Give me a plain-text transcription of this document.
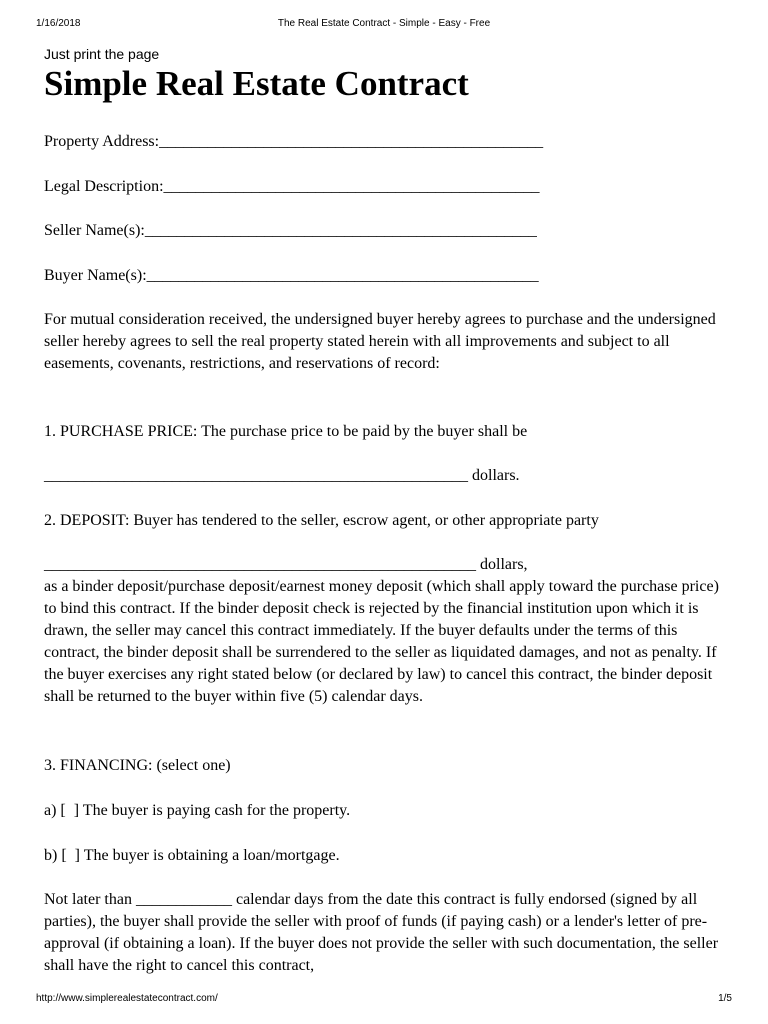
1/16/2018	The Real Estate Contract - Simple - Easy - Free
Just print the page
Simple Real Estate Contract
Property Address:________________________________________________
Legal Description:_______________________________________________
Seller Name(s):_________________________________________________
Buyer Name(s):_________________________________________________

For mutual consideration received, the undersigned buyer hereby agrees to purchase and the undersigned seller hereby agrees to sell the real property stated herein with all improvements and subject to all easements, covenants, restrictions, and reservations of record:

1. PURCHASE PRICE: The purchase price to be paid by the buyer shall be
_____________________________________________________ dollars.
2. DEPOSIT: Buyer has tendered to the seller, escrow agent, or other appropriate party
______________________________________________________ dollars,

as a binder deposit/purchase deposit/earnest money deposit (which shall apply toward the purchase price) to bind this contract. If the binder deposit check is rejected by the financial institution upon which it is drawn, the seller may cancel this contract immediately. If the buyer defaults under the terms of this contract, the binder deposit shall be surrendered to the seller as liquidated damages, and not as penalty. If the buyer exercises any right stated below (or declared by law) to cancel this contract, the binder deposit shall be returned to the buyer within five (5) calendar days.

3. FINANCING: (select one)
a) [  ] The buyer is paying cash for the property.
b) [  ] The buyer is obtaining a loan/mortgage.

Not later than ____________ calendar days from the date this contract is fully endorsed (signed by all parties), the buyer shall provide the seller with proof of funds (if paying cash) or a lender's letter of pre-approval (if obtaining a loan). If the buyer does not provide the seller with such documentation, the seller shall have the right to cancel this contract,

http://www.simplerealestatecontract.com/	1/5
